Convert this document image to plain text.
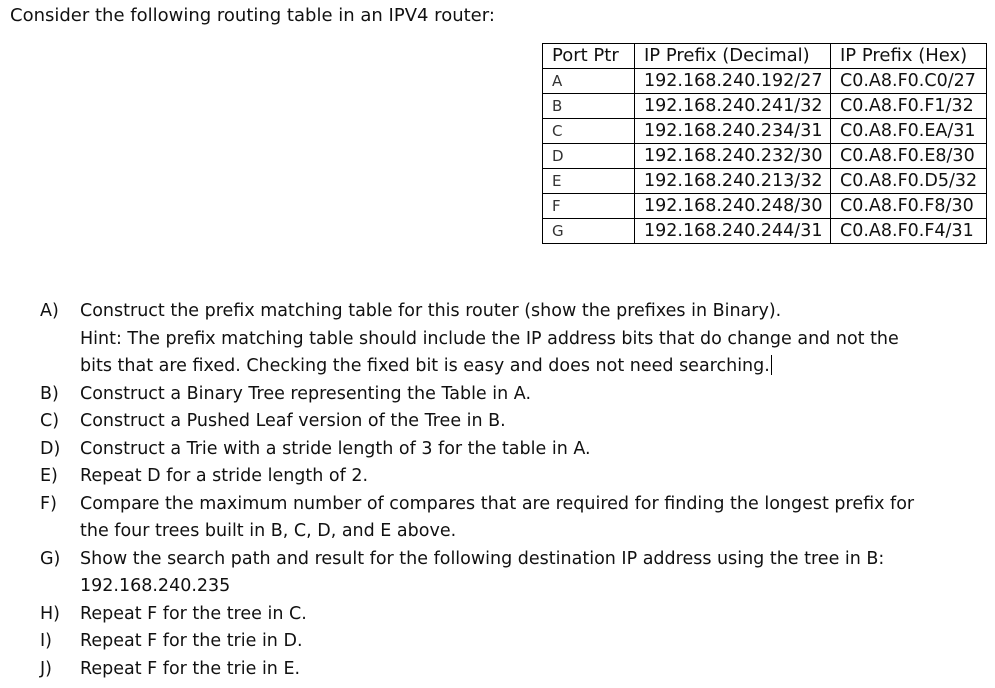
Consider the following routing table in an IPV4 router:
Port Ptr	IP Prefix (Decimal)	IP Prefix (Hex)
A	192.168.240.192/27	C0.A8.F0.C0/27
B	192.168.240.241/32	C0.A8.F0.F1/32
C	192.168.240.234/31	C0.A8.F0.EA/31
D	192.168.240.232/30	C0.A8.F0.E8/30
E	192.168.240.213/32	C0.A8.F0.D5/32
F	192.168.240.248/30	C0.A8.F0.F8/30
G	192.168.240.244/31	C0.A8.F0.F4/31
A)	Construct the prefix matching table for this router (show the prefixes in Binary).
Hint: The prefix matching table should include the IP address bits that do change and not the
bits that are fixed. Checking the fixed bit is easy and does not need searching.
B)	Construct a Binary Tree representing the Table in A.
C)	Construct a Pushed Leaf version of the Tree in B.
D)	Construct a Trie with a stride length of 3 for the table in A.
E)	Repeat D for a stride length of 2.
F)	Compare the maximum number of compares that are required for finding the longest prefix for
the four trees built in B, C, D, and E above.
G)	Show the search path and result for the following destination IP address using the tree in B:
192.168.240.235
H)	Repeat F for the tree in C.
I)	Repeat F for the trie in D.
J)	Repeat F for the trie in E.
